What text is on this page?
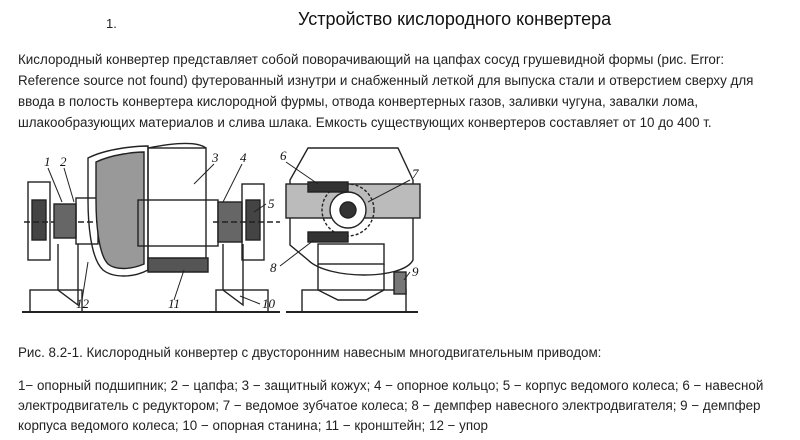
1.	Устройство кислородного конвертера
Кислородный конвертер представляет собой поворачивающий на цапфах сосуд грушевидной формы (рис. Error: Reference source not found) футерованный изнутри и снабженный леткой для выпуска стали и отверстием сверху для ввода в полость конвертера кислородной фурмы, отвода конвертерных газов, заливки чугуна, завалки лома, шлакообразующих материалов и слива шлака. Емкость существующих конвертеров составляет от 10 до 400 т.
1 2	3 4
5
6
7
8	9
10
11
12
Рис. 8.2-1. Кислородный конвертер с двусторонним навесным многодвигательным приводом:
1− опорный подшипник; 2 − цапфа; 3 − защитный кожух; 4 − опорное кольцо; 5 − корпус ведомого колеса; 6 − навесной электродвигатель с редуктором; 7 − ведомое зубчатое колеса; 8 − демпфер навесного электродвигателя; 9 − демпфер корпуса ведомого колеса; 10 − опорная станина; 11 − кронштейн; 12 − упор
